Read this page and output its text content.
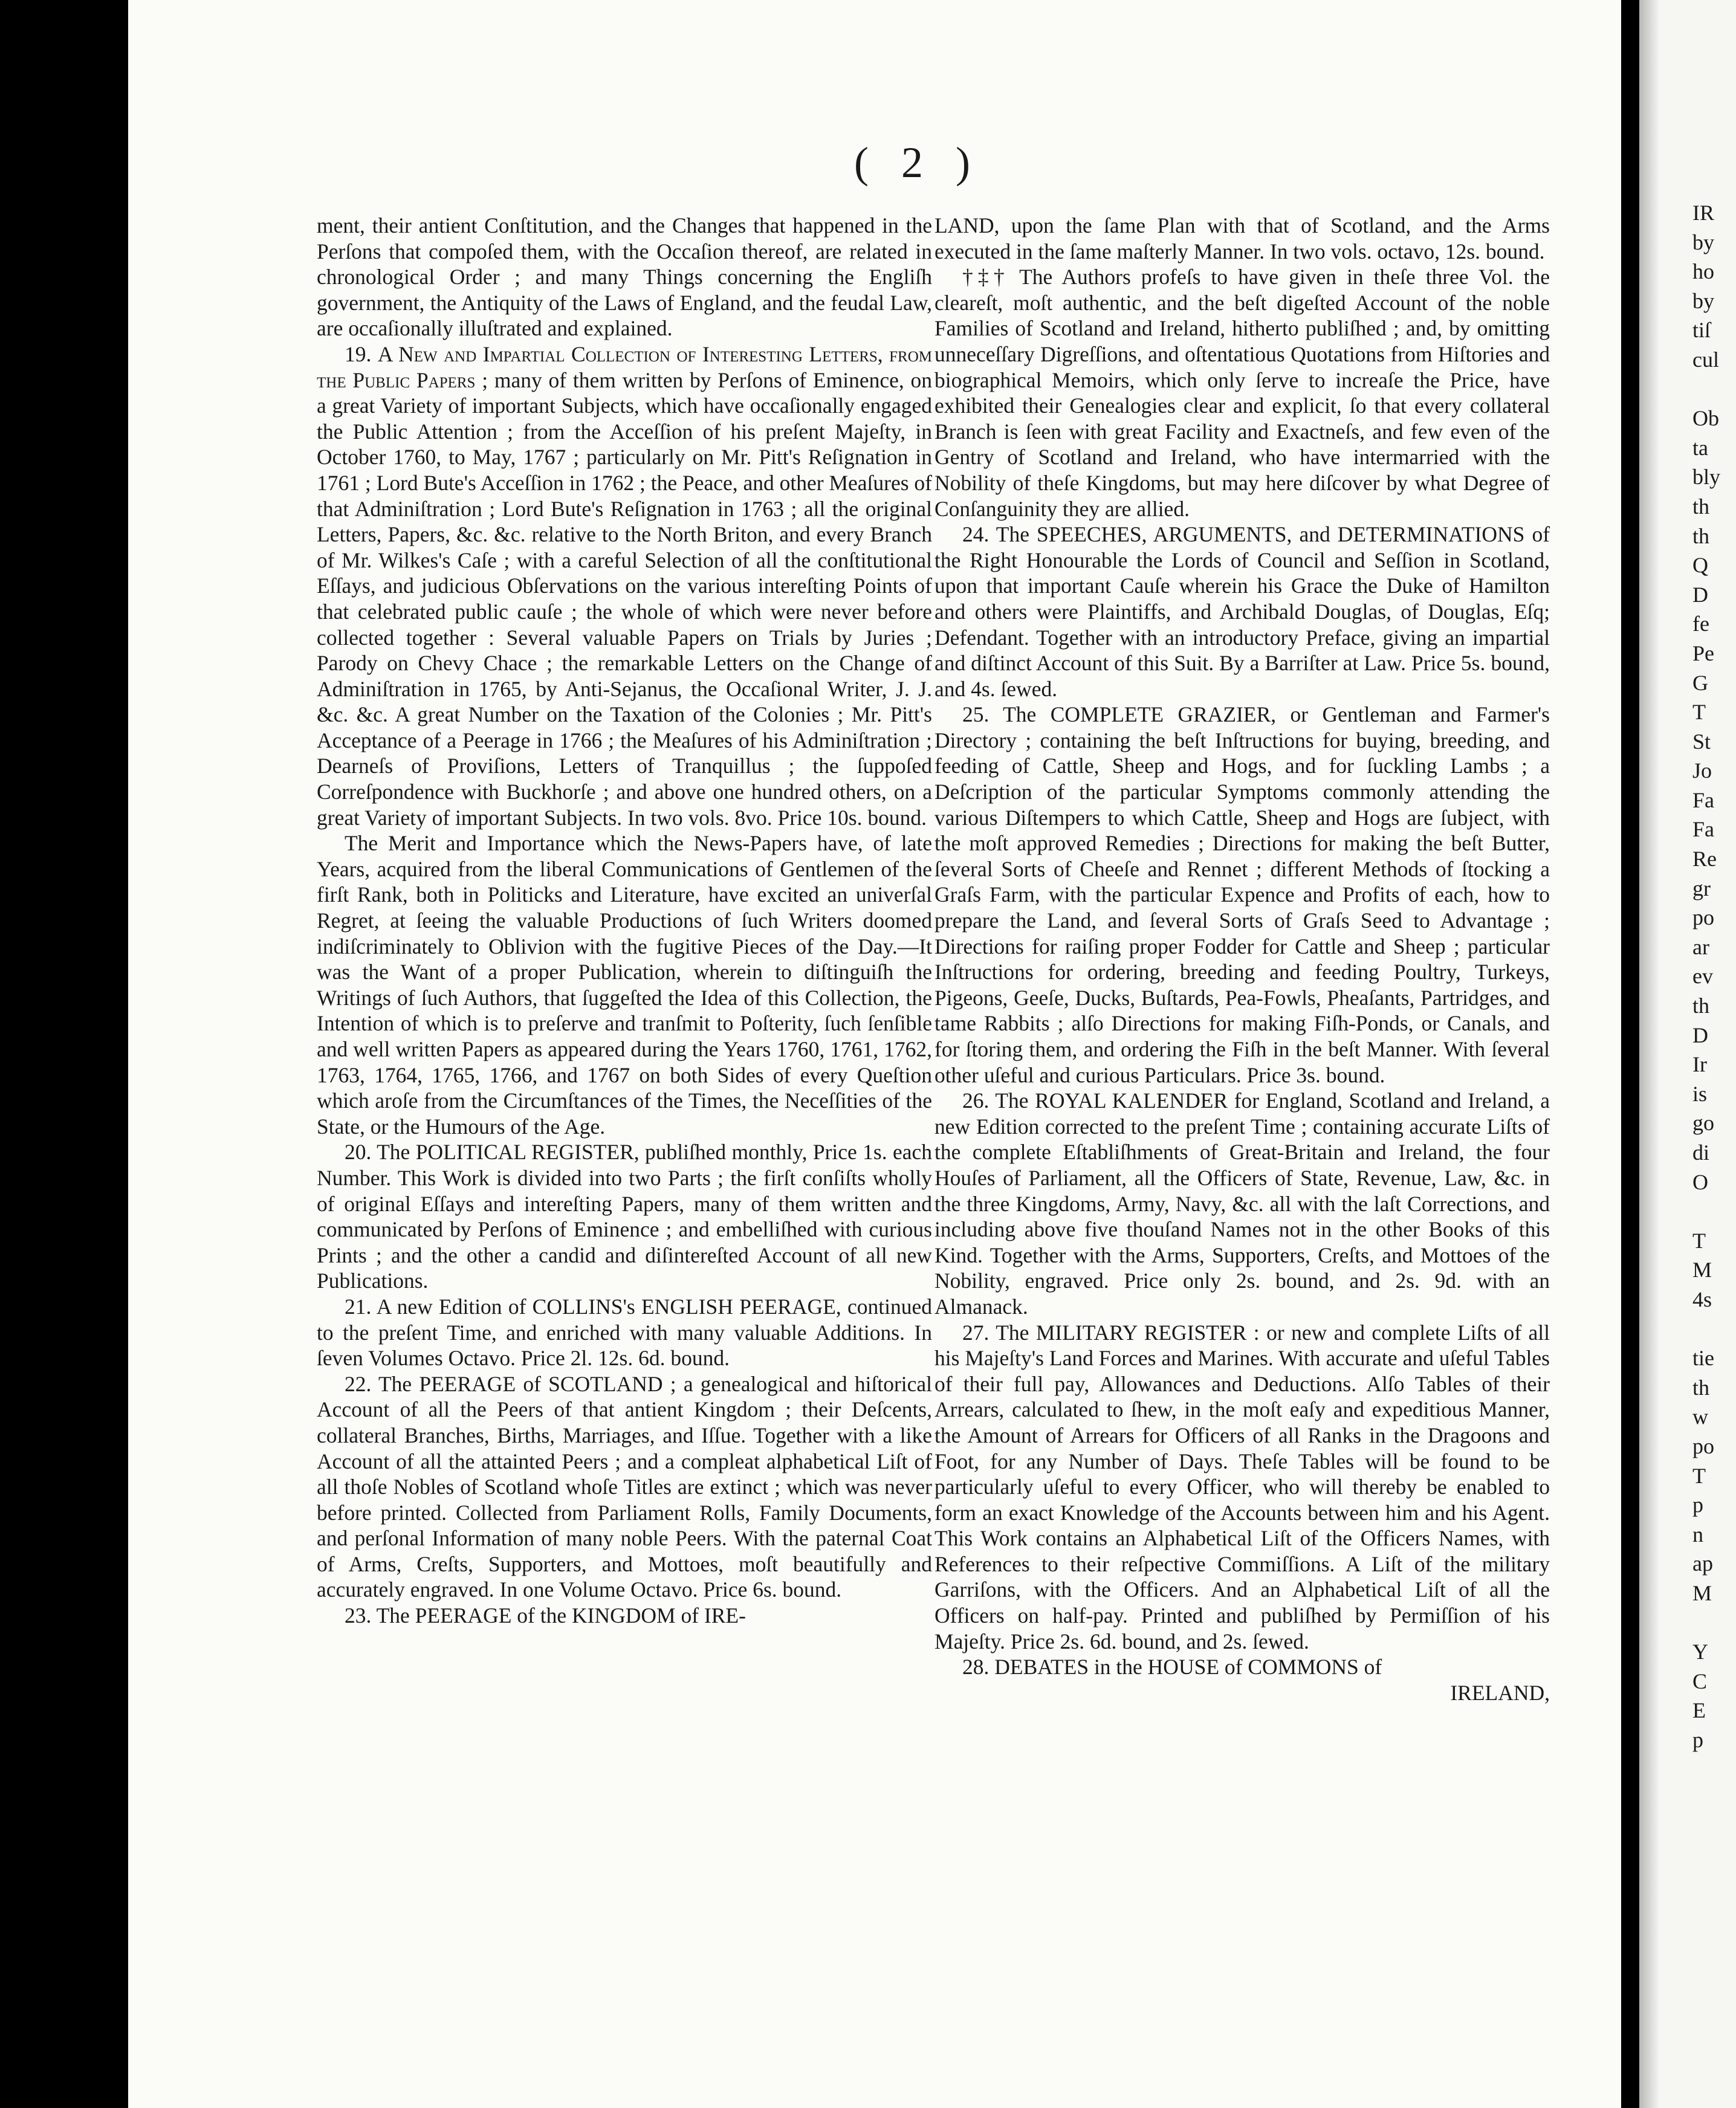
( 2 )

ment, their antient Conſtitution, and the Changes that happened in the Perſons that compoſed them, with the Occaſion thereof, are related in chronological Order ; and many Things concerning the Engliſh government, the Antiquity of the Laws of England, and the feudal Law, are occaſionally illuſtrated and explained.

19. A New and Impartial Collection of Interesting Letters, from the Public Papers ; many of them written by Perſons of Eminence, on a great Variety of important Subjects, which have occaſionally engaged the Public Attention ; from the Acceſſion of his preſent Majeſty, in October 1760, to May, 1767 ; particularly on Mr. Pitt's Reſignation in 1761 ; Lord Bute's Acceſſion in 1762 ; the Peace, and other Meaſures of that Adminiſtration ; Lord Bute's Reſignation in 1763 ; all the original Letters, Papers, &c. &c. relative to the North Briton, and every Branch of Mr. Wilkes's Caſe ; with a careful Selection of all the conſtitutional Eſſays, and judicious Obſervations on the various intereſting Points of that celebrated public cauſe ; the whole of which were never before collected together : Several valuable Papers on Trials by Juries ; Parody on Chevy Chace ; the remarkable Letters on the Change of Adminiſtration in 1765, by Anti-Sejanus, the Occaſional Writer, J. J. &c. &c. A great Number on the Taxation of the Colonies ; Mr. Pitt's Acceptance of a Peerage in 1766 ; the Meaſures of his Adminiſtration ; Dearneſs of Proviſions, Letters of Tranquillus ; the ſuppoſed Correſpondence with Buckhorſe ; and above one hundred others, on a great Variety of important Subjects. In two vols. 8vo. Price 10s. bound.

The Merit and Importance which the News-Papers have, of late Years, acquired from the liberal Communications of Gentlemen of the firſt Rank, both in Politicks and Literature, have excited an univerſal Regret, at ſeeing the valuable Productions of ſuch Writers doomed indiſcriminately to Oblivion with the fugitive Pieces of the Day.—It was the Want of a proper Publication, wherein to diſtinguiſh the Writings of ſuch Authors, that ſuggeſted the Idea of this Collection, the Intention of which is to preſerve and tranſmit to Poſterity, ſuch ſenſible and well written Papers as appeared during the Years 1760, 1761, 1762, 1763, 1764, 1765, 1766, and 1767 on both Sides of every Queſtion which aroſe from the Circumſtances of the Times, the Neceſſities of the State, or the Humours of the Age.

20. The POLITICAL REGISTER, publiſhed monthly, Price 1s. each Number. This Work is divided into two Parts ; the firſt conſiſts wholly of original Eſſays and intereſting Papers, many of them written and communicated by Perſons of Eminence ; and embelliſhed with curious Prints ; and the other a candid and diſintereſted Account of all new Publications.

21. A new Edition of COLLINS's ENGLISH PEERAGE, continued to the preſent Time, and enriched with many valuable Additions. In ſeven Volumes Octavo. Price 2l. 12s. 6d. bound.

22. The PEERAGE of SCOTLAND ; a genealogical and hiſtorical Account of all the Peers of that antient Kingdom ; their Deſcents, collateral Branches, Births, Marriages, and Iſſue. Together with a like Account of all the attainted Peers ; and a compleat alphabetical Liſt of all thoſe Nobles of Scotland whoſe Titles are extinct ; which was never before printed. Collected from Parliament Rolls, Family Documents, and perſonal Information of many noble Peers. With the paternal Coat of Arms, Creſts, Supporters, and Mottoes, moſt beautifully and accurately engraved. In one Volume Octavo. Price 6s. bound.

23. The PEERAGE of the KINGDOM of IRE-

LAND, upon the ſame Plan with that of Scotland, and the Arms executed in the ſame maſterly Manner. In two vols. octavo, 12s. bound.

†‡† The Authors profeſs to have given in theſe three Vol. the cleareſt, moſt authentic, and the beſt digeſted Account of the noble Families of Scotland and Ireland, hitherto publiſhed ; and, by omitting unneceſſary Digreſſions, and oſtentatious Quotations from Hiſtories and biographical Memoirs, which only ſerve to increaſe the Price, have exhibited their Genealogies clear and explicit, ſo that every collateral Branch is ſeen with great Facility and Exactneſs, and few even of the Gentry of Scotland and Ireland, who have intermarried with the Nobility of theſe Kingdoms, but may here diſcover by what Degree of Conſanguinity they are allied.

24. The SPEECHES, ARGUMENTS, and DETERMINATIONS of the Right Honourable the Lords of Council and Seſſion in Scotland, upon that important Cauſe wherein his Grace the Duke of Hamilton and others were Plaintiffs, and Archibald Douglas, of Douglas, Eſq; Defendant. Together with an introductory Preface, giving an impartial and diſtinct Account of this Suit. By a Barriſter at Law. Price 5s. bound, and 4s. ſewed.

25. The COMPLETE GRAZIER, or Gentleman and Farmer's Directory ; containing the beſt Inſtructions for buying, breeding, and feeding of Cattle, Sheep and Hogs, and for ſuckling Lambs ; a Deſcription of the particular Symptoms commonly attending the various Diſtempers to which Cattle, Sheep and Hogs are ſubject, with the moſt approved Remedies ; Directions for making the beſt Butter, ſeveral Sorts of Cheeſe and Rennet ; different Methods of ſtocking a Graſs Farm, with the particular Expence and Profits of each, how to prepare the Land, and ſeveral Sorts of Graſs Seed to Advantage ; Directions for raiſing proper Fodder for Cattle and Sheep ; particular Inſtructions for ordering, breeding and feeding Poultry, Turkeys, Pigeons, Geeſe, Ducks, Buſtards, Pea-Fowls, Pheaſants, Partridges, and tame Rabbits ; alſo Directions for making Fiſh-Ponds, or Canals, and for ſtoring them, and ordering the Fiſh in the beſt Manner. With ſeveral other uſeful and curious Particulars. Price 3s. bound.

26. The ROYAL KALENDER for England, Scotland and Ireland, a new Edition corrected to the preſent Time ; containing accurate Liſts of the complete Eſtabliſhments of Great-Britain and Ireland, the four Houſes of Parliament, all the Officers of State, Revenue, Law, &c. in the three Kingdoms, Army, Navy, &c. all with the laſt Corrections, and including above five thouſand Names not in the other Books of this Kind. Together with the Arms, Supporters, Creſts, and Mottoes of the Nobility, engraved. Price only 2s. bound, and 2s. 9d. with an Almanack.

27. The MILITARY REGISTER : or new and complete Liſts of all his Majeſty's Land Forces and Marines. With accurate and uſeful Tables of their full pay, Allowances and Deductions. Alſo Tables of their Arrears, calculated to ſhew, in the moſt eaſy and expeditious Manner, the Amount of Arrears for Officers of all Ranks in the Dragoons and Foot, for any Number of Days. Theſe Tables will be found to be particularly uſeful to every Officer, who will thereby be enabled to form an exact Knowledge of the Accounts between him and his Agent. This Work contains an Alphabetical Liſt of the Officers Names, with References to their reſpective Commiſſions. A Liſt of the military Garriſons, with the Officers. And an Alphabetical Liſt of all the Officers on half-pay. Printed and publiſhed by Permiſſion of his Majeſty. Price 2s. 6d. bound, and 2s. ſewed.

28. DEBATES in the HOUSE of COMMONS of

IRELAND,

IR
by
ho
by
tiſ
cul
Ob
ta
bly
th
th
Q
D
fe
Pe
G
T
St
Jo
Fa
Fa
Re
gr
po
ar
ev
th
D
Ir
is
go
di
O
T
M
4s
tie
th
w
po
T
p
n
ap
M
Y
C
E
p
